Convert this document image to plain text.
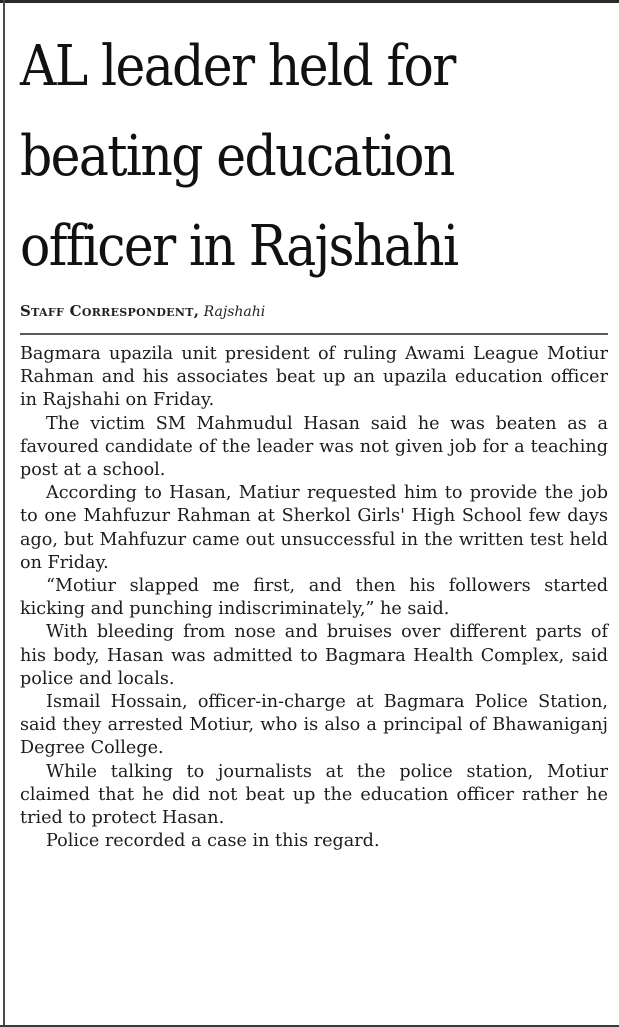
AL leader held for
beating education
officer in Rajshahi
Staff Correspondent, Rajshahi

Bagmara upazila unit president of ruling Awami League Motiur Rahman and his associates beat up an upazila education officer in Rajshahi on Friday.

The victim SM Mahmudul Hasan said he was beaten as a favoured candidate of the leader was not given job for a teaching post at a school.

According to Hasan, Matiur requested him to provide the job to one Mahfuzur Rahman at Sherkol Girls' High School few days ago, but Mahfuzur came out unsuccessful in the written test held on Friday.

“Motiur slapped me first, and then his followers started kicking and punching indiscriminately,” he said.

With bleeding from nose and bruises over different parts of his body, Hasan was admitted to Bagmara Health Complex, said police and locals.

Ismail Hossain, officer-in-charge at Bagmara Police Station, said they arrested Motiur, who is also a principal of Bhawaniganj Degree College.

While talking to journalists at the police station, Motiur claimed that he did not beat up the education officer rather he tried to protect Hasan.

Police recorded a case in this regard.
